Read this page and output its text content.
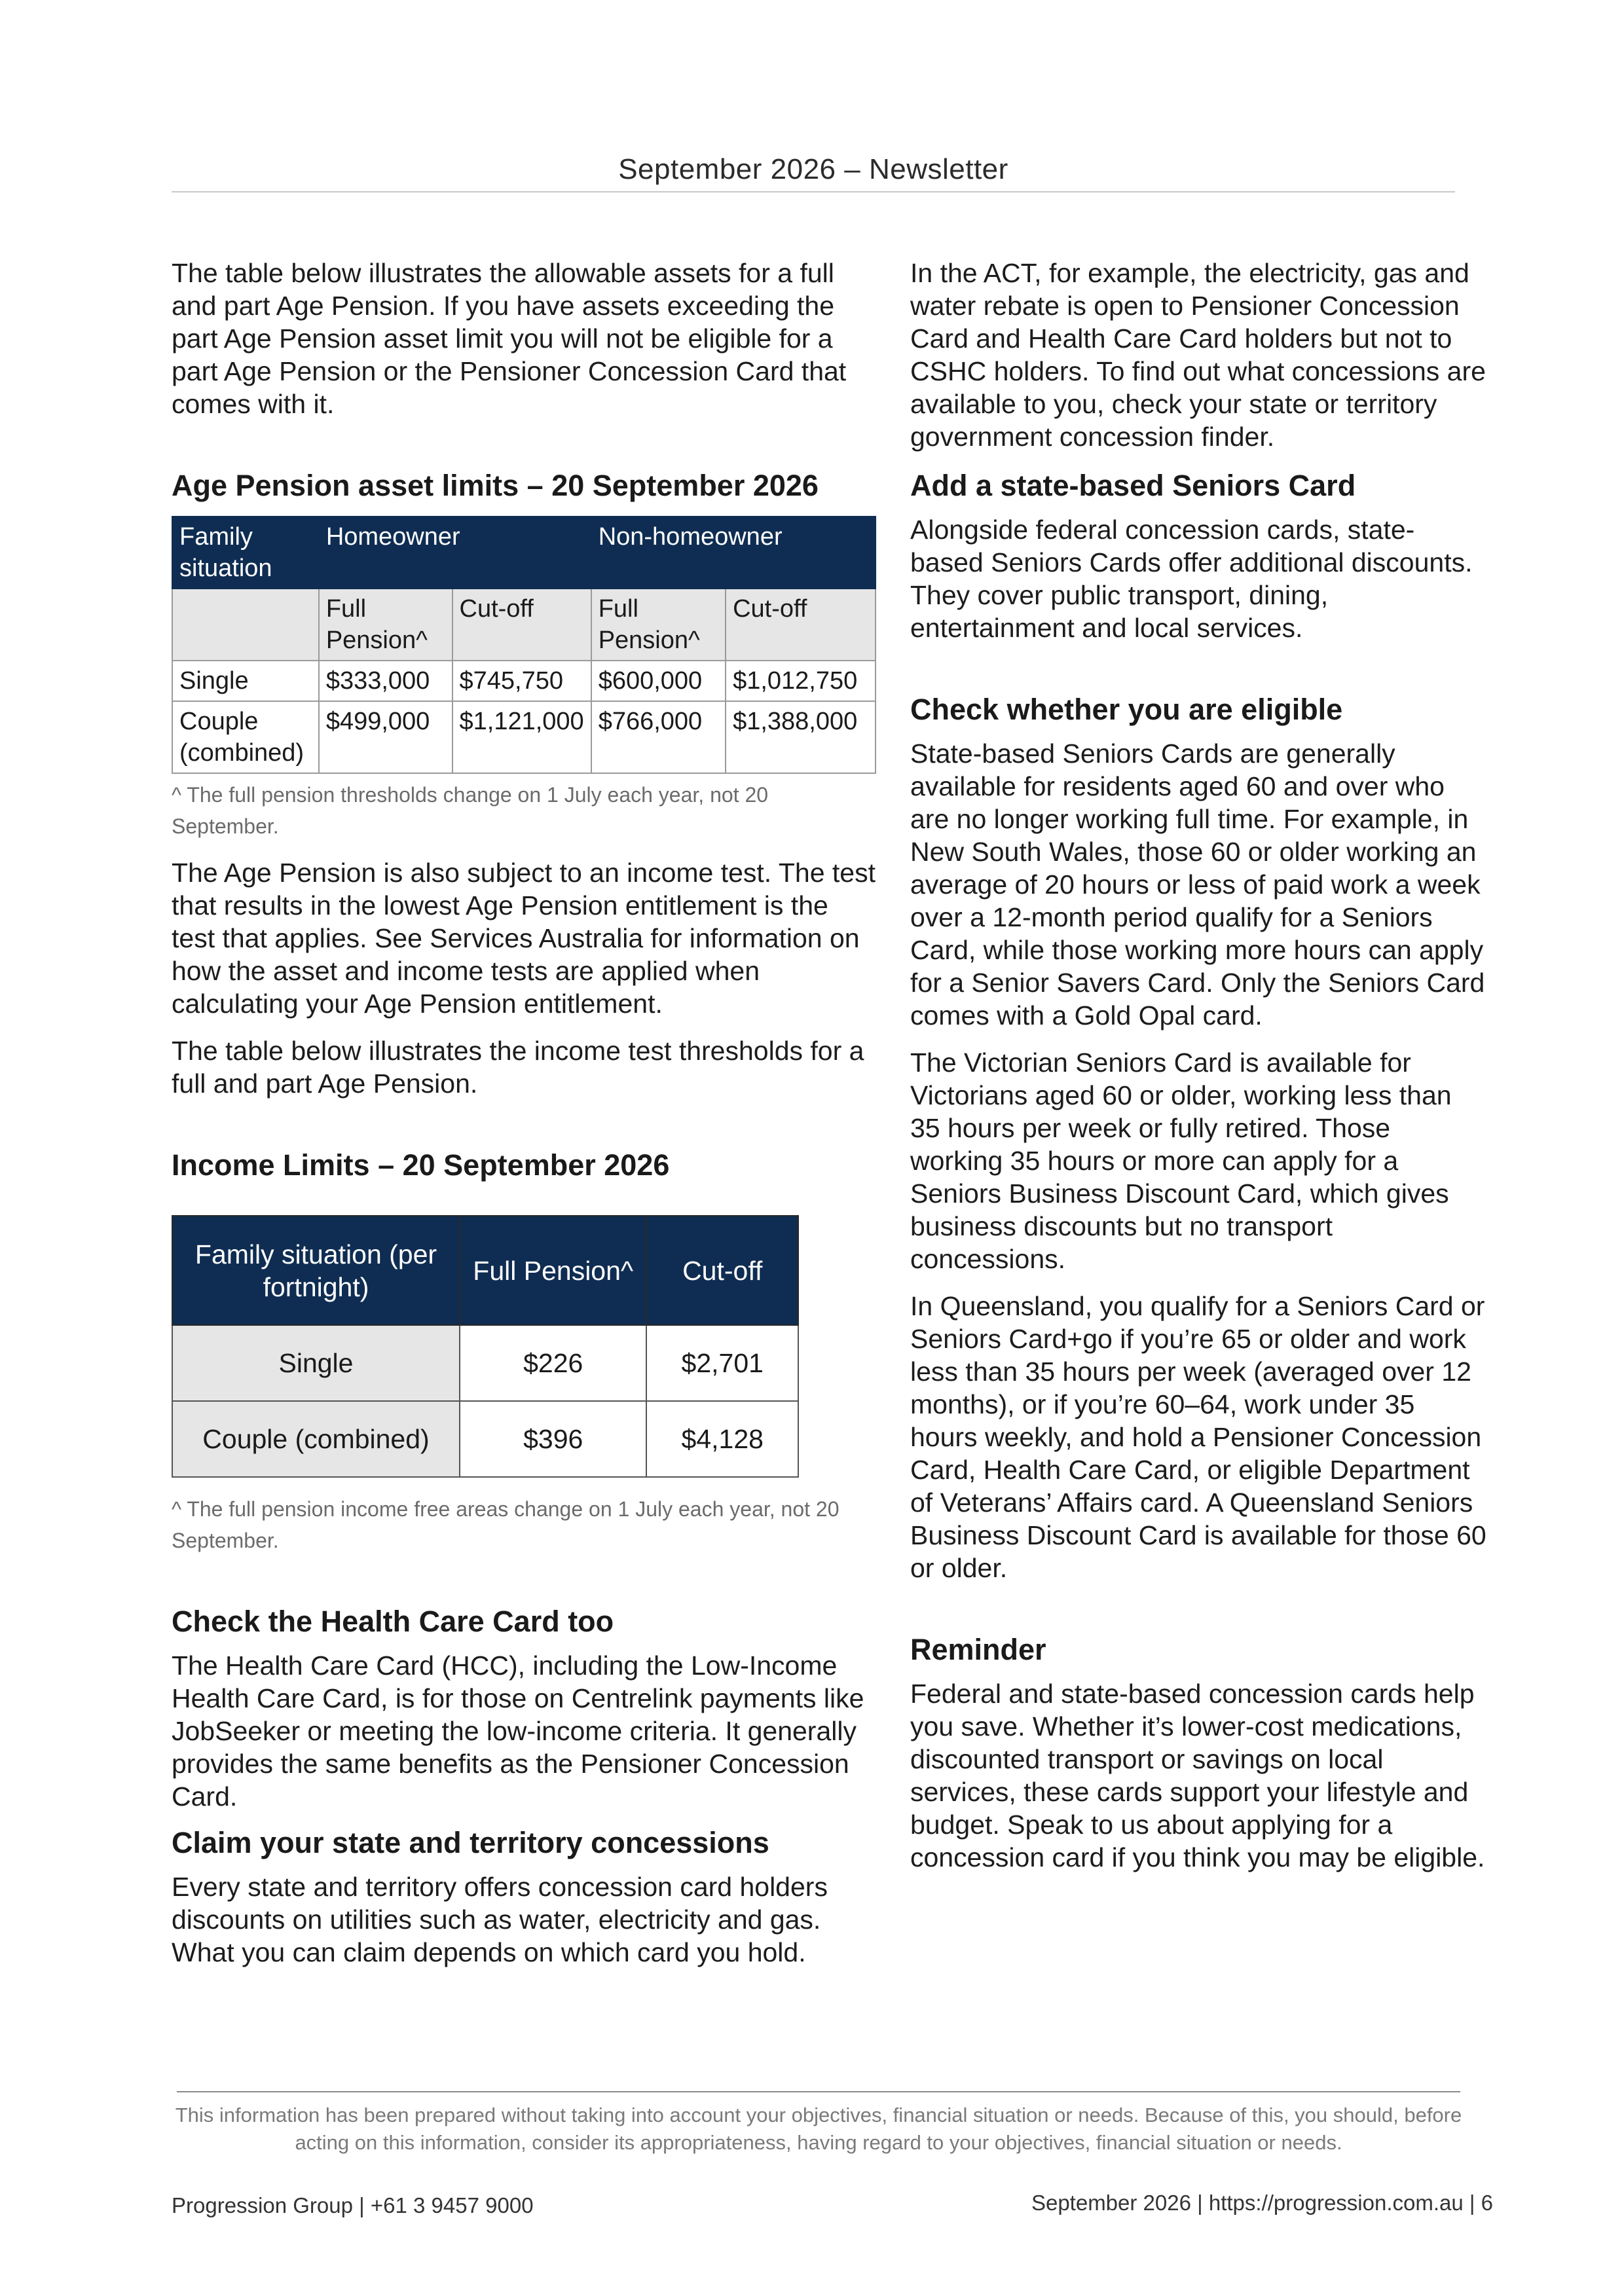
September 2026 – Newsletter

The table below illustrates the allowable assets for a full and part Age Pension. If you have assets exceeding the part Age Pension asset limit you will not be eligible for a part Age Pension or the Pensioner Concession Card that comes with it.

Age Pension asset limits – 20 September 2026
Family situation	Homeowner		Non-homeowner	
	Full Pension^	Cut-off	Full Pension^	Cut-off
Single	$333,000	$745,750	$600,000	$1,012,750
Couple (combined)	$499,000	$1,121,000	$766,000	$1,388,000
^ The full pension thresholds change on 1 July each year, not 20 September.

The Age Pension is also subject to an income test. The test that results in the lowest Age Pension entitlement is the test that applies. See Services Australia for information on how the asset and income tests are applied when calculating your Age Pension entitlement.

The table below illustrates the income test thresholds for a full and part Age Pension.

Income Limits – 20 September 2026
Family situation (per fortnight)	Full Pension^	Cut-off
Single	$226	$2,701
Couple (combined)	$396	$4,128
^ The full pension income free areas change on 1 July each year, not 20 September.
Check the Health Care Card too

The Health Care Card (HCC), including the Low-Income Health Care Card, is for those on Centrelink payments like JobSeeker or meeting the low-income criteria. It generally provides the same benefits as the Pensioner Concession Card.

Claim your state and territory concessions

Every state and territory offers concession card holders discounts on utilities such as water, electricity and gas. What you can claim depends on which card you hold.

In the ACT, for example, the electricity, gas and water rebate is open to Pensioner Concession Card and Health Care Card holders but not to CSHC holders. To find out what concessions are available to you, check your state or territory government concession finder.

Add a state-based Seniors Card

Alongside federal concession cards, state-based Seniors Cards offer additional discounts. They cover public transport, dining, entertainment and local services.

Check whether you are eligible

State-based Seniors Cards are generally available for residents aged 60 and over who are no longer working full time. For example, in New South Wales, those 60 or older working an average of 20 hours or less of paid work a week over a 12-month period qualify for a Seniors Card, while those working more hours can apply for a Senior Savers Card. Only the Seniors Card comes with a Gold Opal card.

The Victorian Seniors Card is available for Victorians aged 60 or older, working less than 35 hours per week or fully retired. Those working 35 hours or more can apply for a Seniors Business Discount Card, which gives business discounts but no transport concessions.

In Queensland, you qualify for a Seniors Card or Seniors Card+go if you’re 65 or older and work less than 35 hours per week (averaged over 12 months), or if you’re 60–64, work under 35 hours weekly, and hold a Pensioner Concession Card, Health Care Card, or eligible Department of Veterans’ Affairs card. A Queensland Seniors Business Discount Card is available for those 60 or older.

Reminder

Federal and state-based concession cards help you save. Whether it’s lower-cost medications, discounted transport or savings on local services, these cards support your lifestyle and budget. Speak to us about applying for a concession card if you think you may be eligible.

This information has been prepared without taking into account your objectives, financial situation or needs. Because of this, you should, before acting on this information, consider its appropriateness, having regard to your objectives, financial situation or needs.
Progression Group | +61 3 9457 9000	September 2026 | https://progression.com.au | 6
